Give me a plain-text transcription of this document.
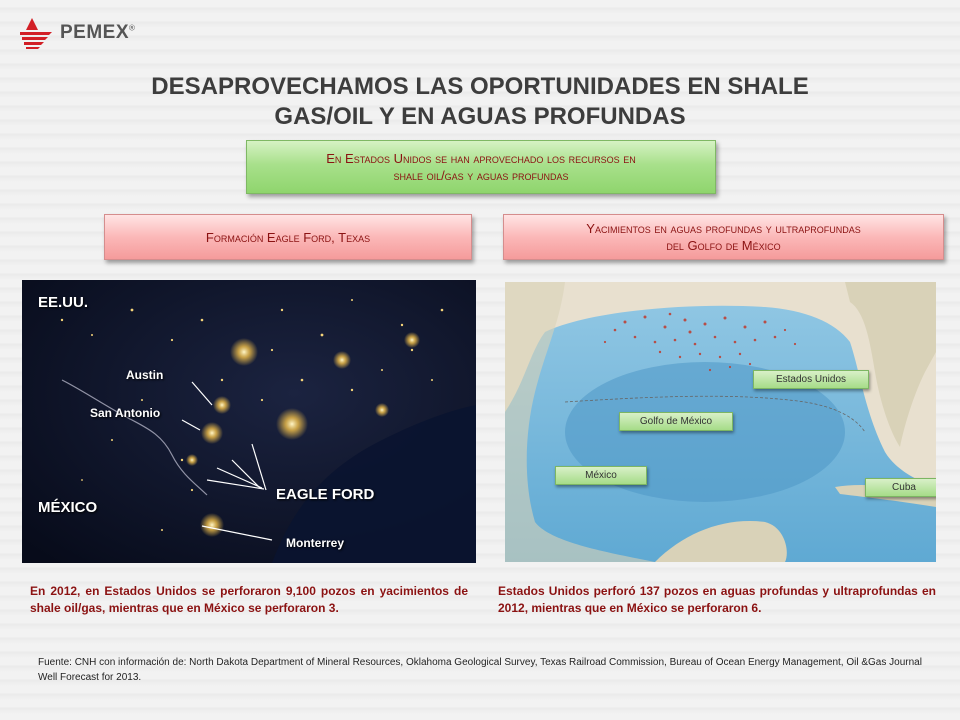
PEMEX®
DESAPROVECHAMOS LAS OPORTUNIDADES EN SHALE
GAS/OIL Y EN AGUAS PROFUNDAS
En Estados Unidos se han aprovechado los recursos en
shale oil/gas y aguas profundas
Formación Eagle Ford, Texas
Yacimientos en aguas profundas y ultraprofundas
del Golfo de México
EE.UU.
MÉXICO
Austin
San Antonio
EAGLE FORD
Monterrey
Estados Unidos
Golfo de México
México
Cuba
En 2012, en Estados Unidos se perforaron 9,100 pozos en yacimientos de shale oil/gas, mientras que en México se perforaron 3.
Estados Unidos perforó 137 pozos en aguas profundas y ultraprofundas en 2012, mientras que en México se perforaron 6.
Fuente: CNH con información de: North Dakota Department of Mineral Resources, Oklahoma Geological Survey, Texas Railroad Commission, Bureau of Ocean Energy Management, Oil &Gas Journal Well Forecast for 2013.
